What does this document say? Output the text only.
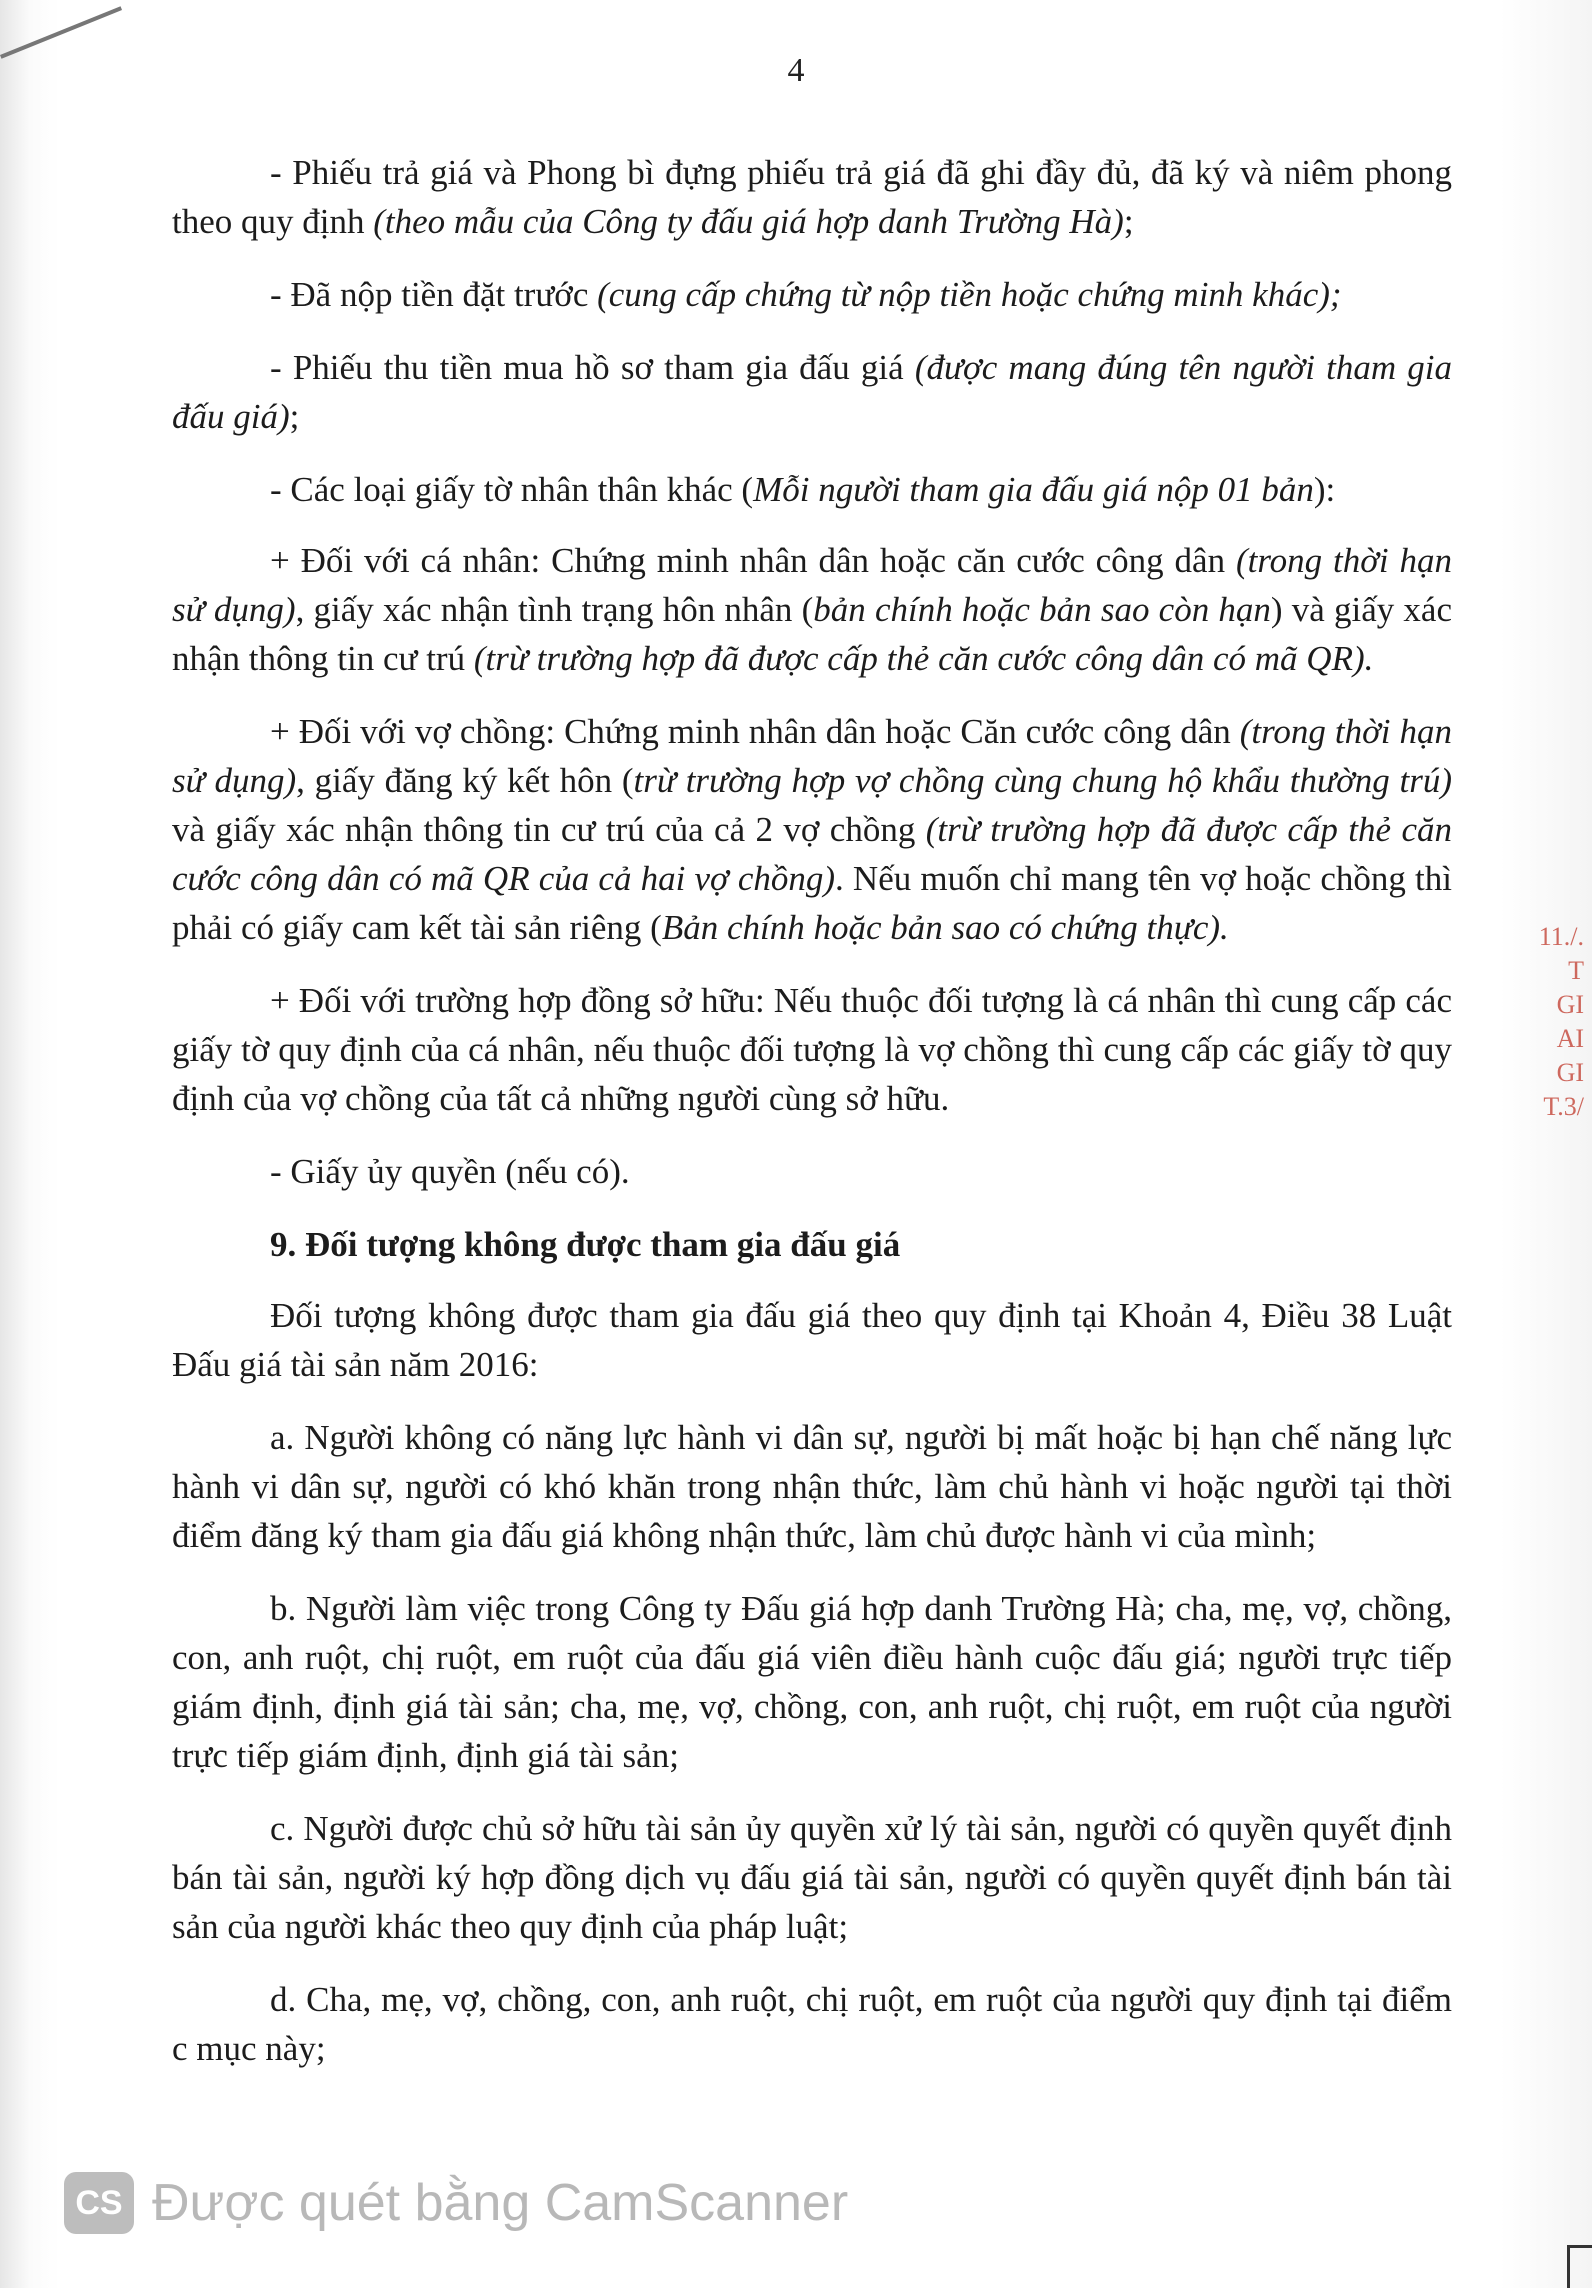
4

- Phiếu trả giá và Phong bì đựng phiếu trả giá đã ghi đầy đủ, đã ký và niêm phong theo quy định (theo mẫu của Công ty đấu giá hợp danh Trường Hà);

- Đã nộp tiền đặt trước (cung cấp chứng từ nộp tiền hoặc chứng minh khác);

- Phiếu thu tiền mua hồ sơ tham gia đấu giá (được mang đúng tên người tham gia đấu giá);

- Các loại giấy tờ nhân thân khác (Mỗi người tham gia đấu giá nộp 01 bản):

+ Đối với cá nhân: Chứng minh nhân dân hoặc căn cước công dân (trong thời hạn sử dụng), giấy xác nhận tình trạng hôn nhân (bản chính hoặc bản sao còn hạn) và giấy xác nhận thông tin cư trú (trừ trường hợp đã được cấp thẻ căn cước công dân có mã QR).

+ Đối với vợ chồng: Chứng minh nhân dân hoặc Căn cước công dân (trong thời hạn sử dụng), giấy đăng ký kết hôn (trừ trường hợp vợ chồng cùng chung hộ khẩu thường trú) và giấy xác nhận thông tin cư trú của cả 2 vợ chồng (trừ trường hợp đã được cấp thẻ căn cước công dân có mã QR của cả hai vợ chồng). Nếu muốn chỉ mang tên vợ hoặc chồng thì phải có giấy cam kết tài sản riêng (Bản chính hoặc bản sao có chứng thực).

+ Đối với trường hợp đồng sở hữu: Nếu thuộc đối tượng là cá nhân thì cung cấp các giấy tờ quy định của cá nhân, nếu thuộc đối tượng là vợ chồng thì cung cấp các giấy tờ quy định của vợ chồng của tất cả những người cùng sở hữu.

- Giấy ủy quyền (nếu có).

9. Đối tượng không được tham gia đấu giá

Đối tượng không được tham gia đấu giá theo quy định tại Khoản 4, Điều 38 Luật Đấu giá tài sản năm 2016:

a. Người không có năng lực hành vi dân sự, người bị mất hoặc bị hạn chế năng lực hành vi dân sự, người có khó khăn trong nhận thức, làm chủ hành vi hoặc người tại thời điểm đăng ký tham gia đấu giá không nhận thức, làm chủ được hành vi của mình;

b. Người làm việc trong Công ty Đấu giá hợp danh Trường Hà; cha, mẹ, vợ, chồng, con, anh ruột, chị ruột, em ruột của đấu giá viên điều hành cuộc đấu giá; người trực tiếp giám định, định giá tài sản; cha, mẹ, vợ, chồng, con, anh ruột, chị ruột, em ruột của người trực tiếp giám định, định giá tài sản;

c. Người được chủ sở hữu tài sản ủy quyền xử lý tài sản, người có quyền quyết định bán tài sản, người ký hợp đồng dịch vụ đấu giá tài sản, người có quyền quyết định bán tài sản của người khác theo quy định của pháp luật;

d. Cha, mẹ, vợ, chồng, con, anh ruột, chị ruột, em ruột của người quy định tại điểm c mục này;

11./.
T
GI
AI
GI
T.3/
CS Được quét bằng CamScanner
